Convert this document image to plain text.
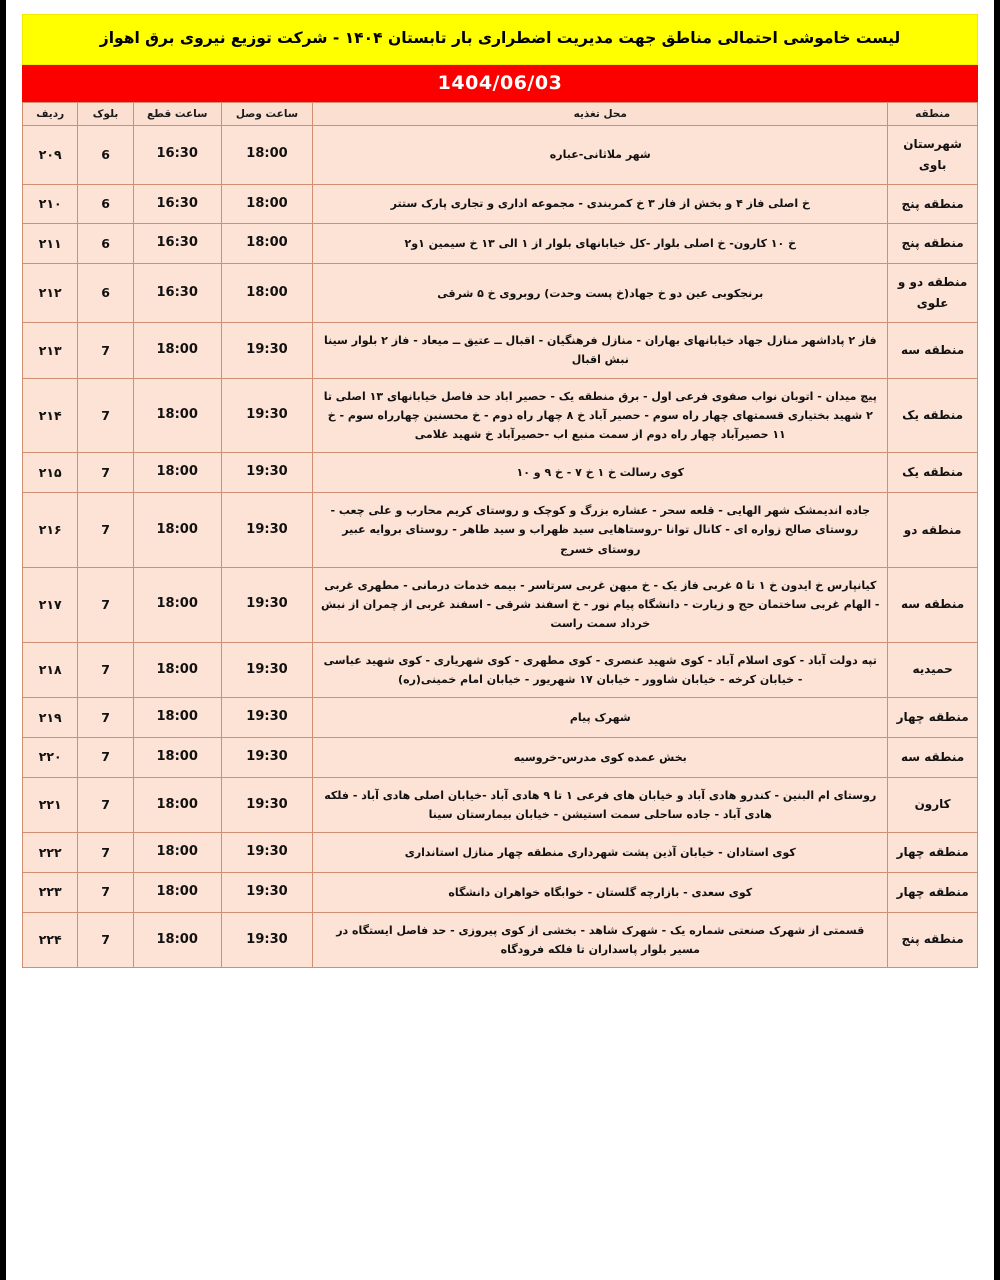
لیست خاموشی احتمالی مناطق جهت مدیریت اضطراری بار تابستان ۱۴۰۴ - شرکت توزیع نیروی برق اهواز
1404/06/03
منطقه	محل تغذیه	ساعت وصل	ساعت قطع	بلوک	ردیف
شهرستان باوی	شهر ملاثانی-عباره	18:00	16:30	6	۲۰۹
منطقه پنج	خ اصلی فاز ۴ و بخش از فاز ۳ خ کمربندی - مجموعه اداری و تجاری پارک ستتر	18:00	16:30	6	۲۱۰
منطقه پنج	خ ۱۰ کارون- خ اصلی بلوار -کل خیابانهای بلوار از ۱ الی ۱۳ خ سیمین ۱و۲	18:00	16:30	6	۲۱۱
منطقه دو و علوی	برنجکوبی عین دو خ جهاد(خ پست وحدت) روبروی خ ۵ شرقی	18:00	16:30	6	۲۱۲
منطقه سه	فاز ۲ پاداشهر منازل جهاد خیابانهای بهاران - منازل فرهنگیان - اقبال ــ عتیق ــ میعاد - فاز ۲ بلوار سینا نبش اقبال	19:30	18:00	7	۲۱۳
منطقه یک	پیچ میدان - اتوبان نواب صفوی فرعی اول - برق منطقه یک - حصیر اباد حد فاصل خیابانهای ۱۳ اصلی تا ۲ شهید بختیاری قسمتهای چهار راه سوم - حصیر آباد خ ۸ چهار راه دوم - خ محسنین چهارراه سوم - خ ۱۱ حصیرآباد چهار راه دوم از سمت منبع اب -حصیرآباد خ شهید غلامی	19:30	18:00	7	۲۱۴
منطقه یک	کوی رسالت خ ۱ خ ۷ - خ ۹ و ۱۰	19:30	18:00	7	۲۱۵
منطقه دو	جاده اندیمشک شهر الهایی - قلعه سحر - عشاره بزرگ و کوچک و روستای کریم محارب و علی چعب - روستای صالح زواره ای - کانال توانا -روستاهایی سید ظهراب و سید طاهر - روستای بروایه عبیر روستای خسرج	19:30	18:00	7	۲۱۶
منطقه سه	کیانپارس خ ایدون خ ۱ تا ۵ غربی فاز یک - خ میهن غربی سرتاسر - بیمه خدمات درمانی - مطهری غربی - الهام غربی ساختمان حج و زیارت - دانشگاه پیام نور - خ اسفند شرقی - اسفند غربی از چمران از نبش خرداد سمت راست	19:30	18:00	7	۲۱۷
حمیدیه	تپه دولت آباد - کوی اسلام آباد - کوی شهید عنصری - کوی مطهری - کوی شهریاری - کوی شهید عباسی - خیابان کرخه - خیابان شاوور - خیابان ۱۷ شهریور - خیابان امام خمینی(ره)	19:30	18:00	7	۲۱۸
منطقه چهار	شهرک پیام	19:30	18:00	7	۲۱۹
منطقه سه	بخش عمده کوی مدرس-خروسیه	19:30	18:00	7	۲۲۰
کارون	روستای ام البنین - کندرو هادی آباد و خیابان های فرعی ۱ تا ۹ هادی آباد -خیابان اصلی هادی آباد - فلکه هادی آباد - جاده ساحلی سمت استیشن - خیابان بیمارستان سینا	19:30	18:00	7	۲۲۱
منطقه چهار	کوی استادان - خیابان آذین پشت شهرداری منطقه چهار منازل استانداری	19:30	18:00	7	۲۲۲
منطقه چهار	کوی سعدی - بازارچه گلستان - خوابگاه خواهران دانشگاه	19:30	18:00	7	۲۲۳
منطقه پنج	قسمتی از شهرک صنعتی شماره یک - شهرک شاهد - بخشی از کوی پیروزی - حد فاصل ایستگاه در مسیر بلوار پاسداران تا فلکه فرودگاه	19:30	18:00	7	۲۲۴
